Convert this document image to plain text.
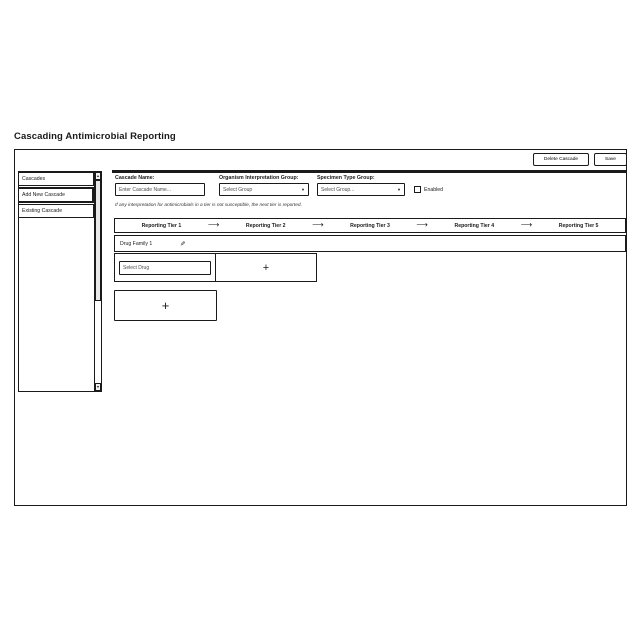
Cascading Antimicrobial Reporting
Delete Cascade	Save
Cascades
Add New Cascade
Existing Cascade
▲
▼
Cascade Name:
Enter Cascade Name...	Organism Interpretation Group:
Select Group	▼
Specimen Type Group:
Select Group...	▼	Enabled
If any interpretation for antimicrobials in a tier is not susceptible, the next tier is reported.
Reporting Tier 1	⟶	Reporting Tier 2	⟶	Reporting Tier 3	⟶	Reporting Tier 4	⟶	Reporting Tier 5
Drug Family 1	✎
Select Drug
+
+
